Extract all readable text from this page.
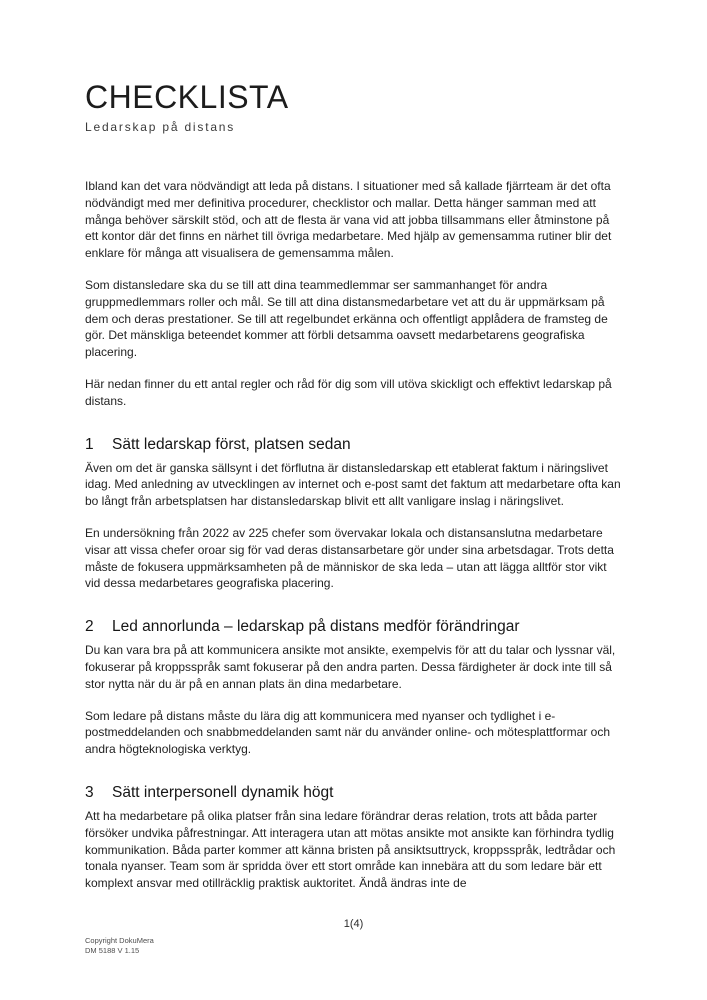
CHECKLISTA
Ledarskap på distans

Ibland kan det vara nödvändigt att leda på distans. I situationer med så kallade fjärrteam är det ofta nödvändigt med mer definitiva procedurer, checklistor och mallar. Detta hänger samman med att många behöver särskilt stöd, och att de flesta är vana vid att jobba tillsammans eller åtminstone på ett kontor där det finns en närhet till övriga medarbetare. Med hjälp av gemensamma rutiner blir det enklare för många att visualisera de gemensamma målen.

Som distansledare ska du se till att dina teammedlemmar ser sammanhanget för andra gruppmedlemmars roller och mål. Se till att dina distansmedarbetare vet att du är uppmärksam på dem och deras prestationer. Se till att regelbundet erkänna och offentligt applådera de framsteg de gör. Det mänskliga beteendet kommer att förbli detsamma oavsett medarbetarens geografiska placering.

Här nedan finner du ett antal regler och råd för dig som vill utöva skickligt och effektivt ledarskap på distans.

1	Sätt ledarskap först, platsen sedan

Även om det är ganska sällsynt i det förflutna är distansledarskap ett etablerat faktum i näringslivet idag. Med anledning av utvecklingen av internet och e-post samt det faktum att medarbetare ofta kan bo långt från arbetsplatsen har distansledarskap blivit ett allt vanligare inslag i näringslivet.

En undersökning från 2022 av 225 chefer som övervakar lokala och distansanslutna medarbetare visar att vissa chefer oroar sig för vad deras distansarbetare gör under sina arbetsdagar. Trots detta måste de fokusera uppmärksamheten på de människor de ska leda – utan att lägga alltför stor vikt vid dessa medarbetares geografiska placering.

2	Led annorlunda – ledarskap på distans medför förändringar

Du kan vara bra på att kommunicera ansikte mot ansikte, exempelvis för att du talar och lyssnar väl, fokuserar på kroppsspråk samt fokuserar på den andra parten. Dessa färdigheter är dock inte till så stor nytta när du är på en annan plats än dina medarbetare.

Som ledare på distans måste du lära dig att kommunicera med nyanser och tydlighet i e-postmeddelanden och snabbmeddelanden samt när du använder online- och mötesplattformar och andra högteknologiska verktyg.

3	Sätt interpersonell dynamik högt

Att ha medarbetare på olika platser från sina ledare förändrar deras relation, trots att båda parter försöker undvika påfrestningar. Att interagera utan att mötas ansikte mot ansikte kan förhindra tydlig kommunikation. Båda parter kommer att känna bristen på ansiktsuttryck, kroppsspråk, ledtrådar och tonala nyanser. Team som är spridda över ett stort område kan innebära att du som ledare bär ett komplext ansvar med otillräcklig praktisk auktoritet. Ändå ändras inte de

1(4)
Copyright DokuMera
DM 5188 V 1.15
